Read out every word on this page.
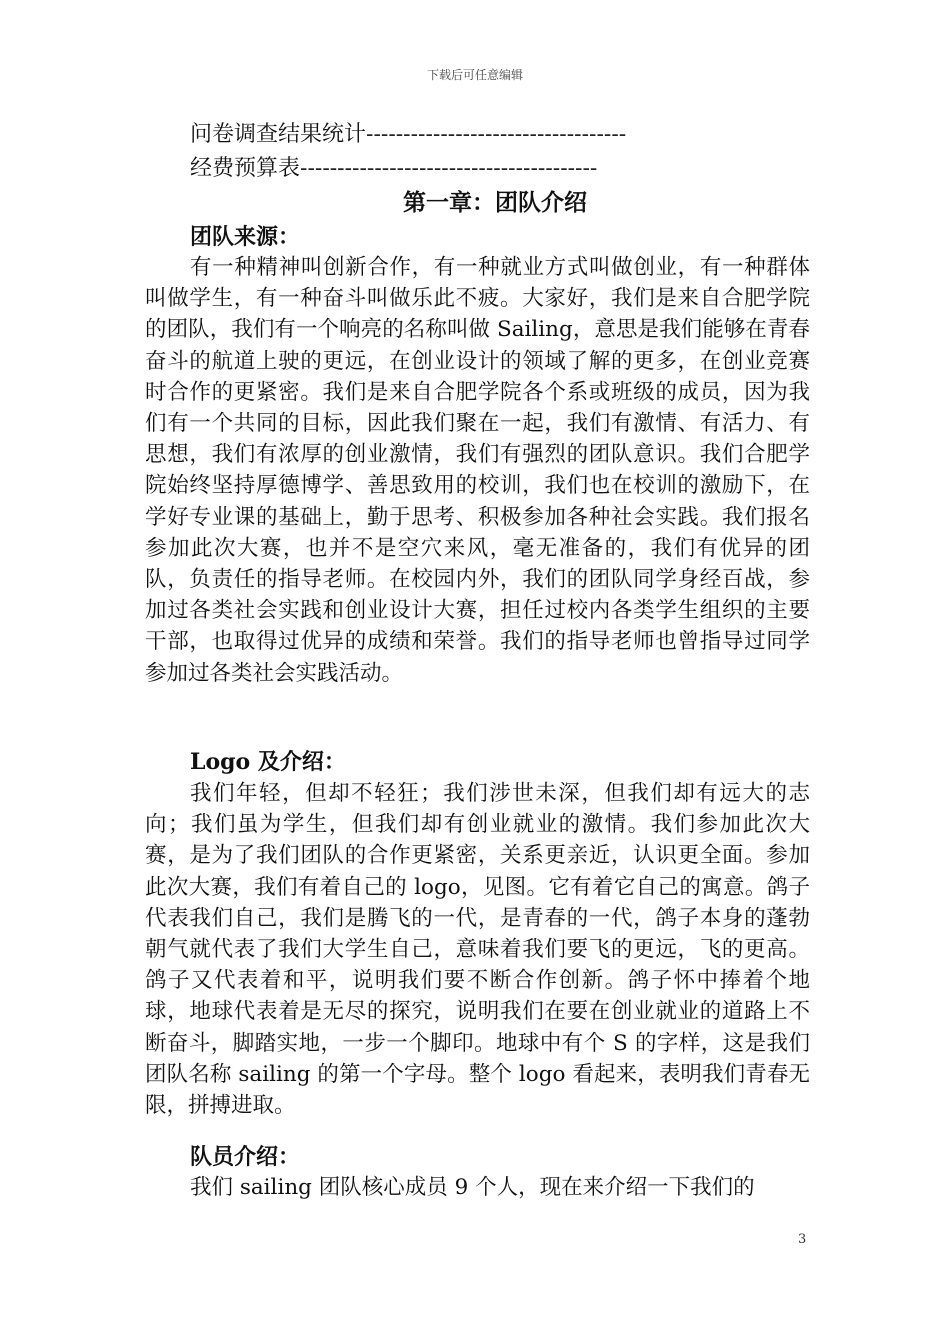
下载后可任意编辑
问卷调查结果统计-----------------------------------
经费预算表----------------------------------------
第一章：团队介绍
团队来源：

有一种精神叫创新合作，有一种就业方式叫做创业，有一种群体叫做学生，有一种奋斗叫做乐此不疲。大家好，我们是来自合肥学院的团队，我们有一个响亮的名称叫做 Sailing，意思是我们能够在青春奋斗的航道上驶的更远，在创业设计的领域了解的更多，在创业竞赛时合作的更紧密。我们是来自合肥学院各个系或班级的成员，因为我们有一个共同的目标，因此我们聚在一起，我们有激情、有活力、有思想，我们有浓厚的创业激情，我们有强烈的团队意识。我们合肥学院始终坚持厚德博学、善思致用的校训，我们也在校训的激励下，在学好专业课的基础上，勤于思考、积极参加各种社会实践。我们报名参加此次大赛，也并不是空穴来风，毫无准备的，我们有优异的团队，负责任的指导老师。在校园内外，我们的团队同学身经百战，参加过各类社会实践和创业设计大赛，担任过校内各类学生组织的主要干部，也取得过优异的成绩和荣誉。我们的指导老师也曾指导过同学参加过各类社会实践活动。

Logo 及介绍：

我们年轻，但却不轻狂；我们涉世未深，但我们却有远大的志向；我们虽为学生，但我们却有创业就业的激情。我们参加此次大赛，是为了我们团队的合作更紧密，关系更亲近，认识更全面。参加此次大赛，我们有着自己的 logo，见图。它有着它自己的寓意。鸽子代表我们自己，我们是腾飞的一代，是青春的一代，鸽子本身的蓬勃朝气就代表了我们大学生自己，意味着我们要飞的更远，飞的更高。鸽子又代表着和平，说明我们要不断合作创新。鸽子怀中捧着个地球，地球代表着是无尽的探究，说明我们在要在创业就业的道路上不断奋斗，脚踏实地，一步一个脚印。地球中有个 S 的字样，这是我们团队名称 sailing 的第一个字母。整个 logo 看起来，表明我们青春无限，拼搏进取。

队员介绍：

我们 sailing 团队核心成员 9 个人，现在来介绍一下我们的

3
